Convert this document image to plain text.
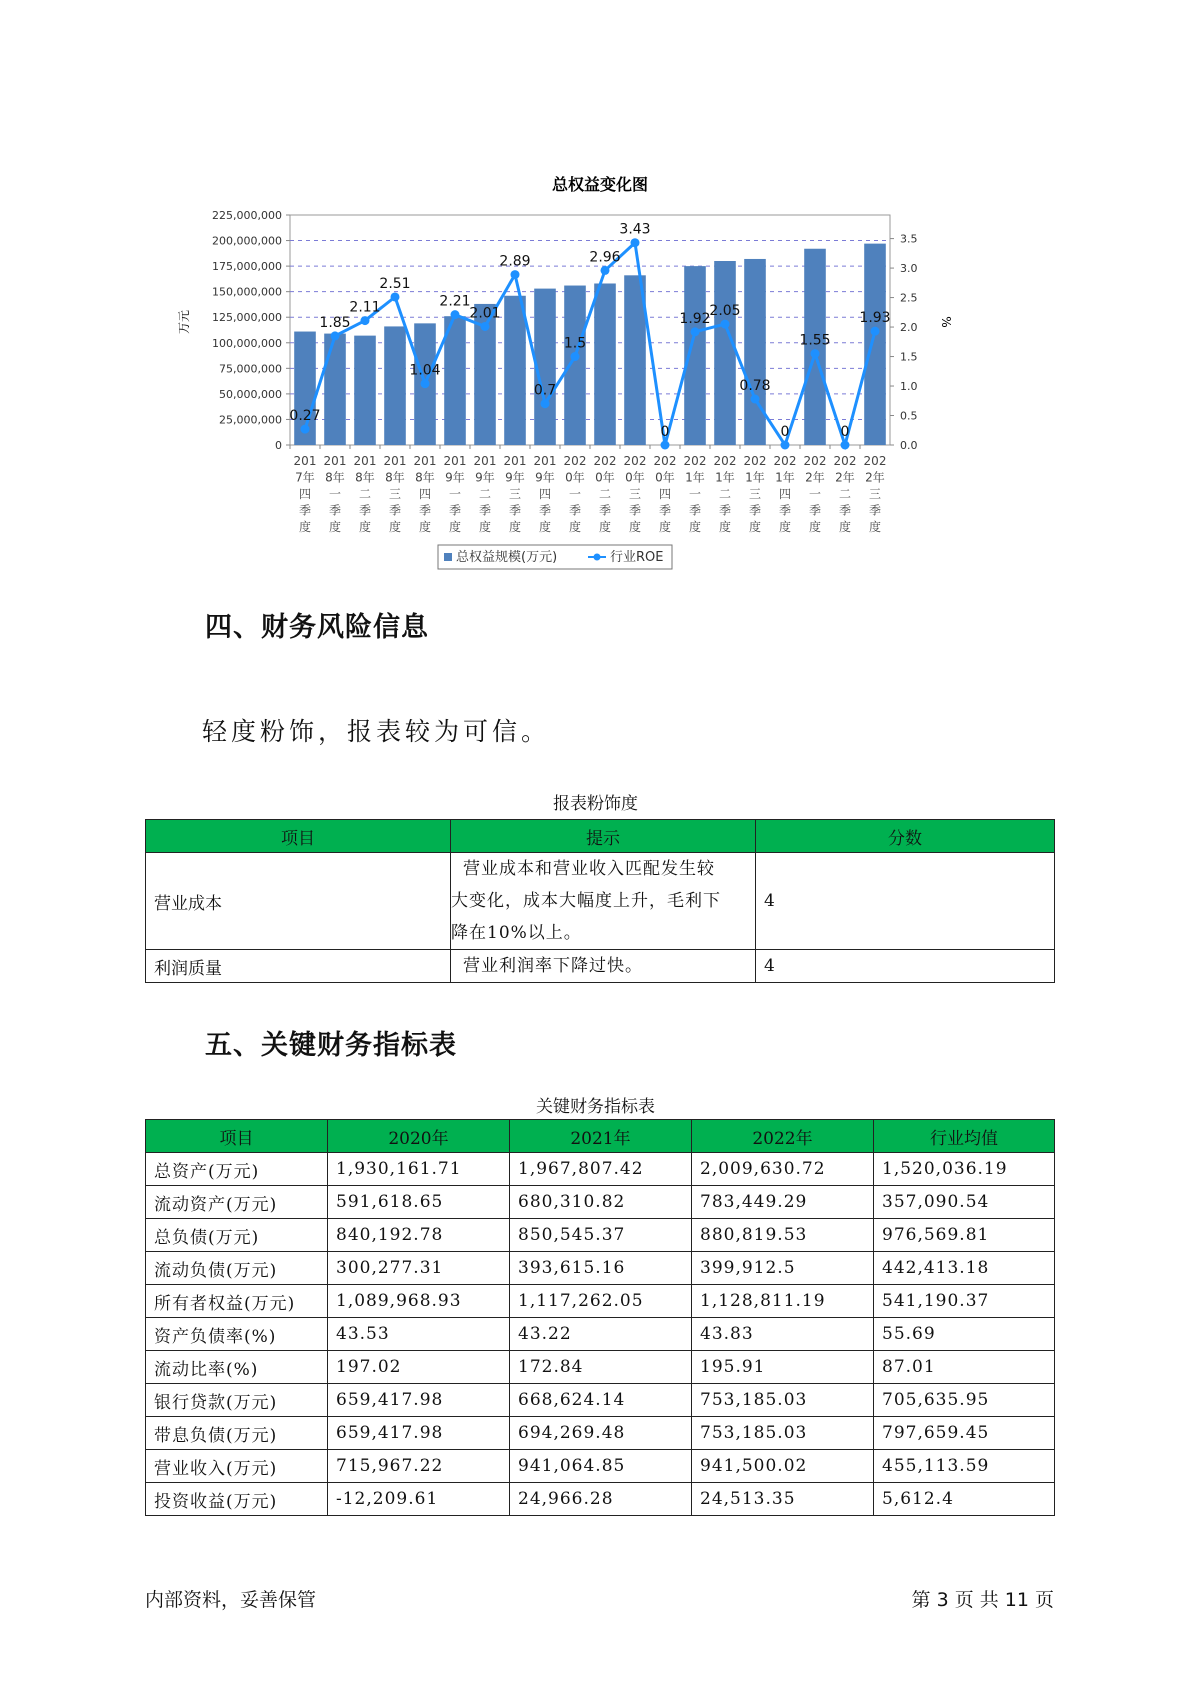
总权益变化图
0.27
1.85
2.11
2.51
1.04
2.21
2.01
2.89
0.7
1.5
2.96
3.43
0
1.92
2.05
0.78
0
1.55
0
1.93
0
25,000,000
50,000,000
75,000,000
100,000,000
125,000,000
150,000,000
175,000,000
200,000,000
225,000,000
0.0
0.5
1.0
1.5
2.0
2.5
3.0
3.5
201
7年
四
季
度
201
8年
一
季
度
201
8年
二
季
度
201
8年
三
季
度
201
8年
四
季
度
201
9年
一
季
度
201
9年
二
季
度
201
9年
三
季
度
201
9年
四
季
度
202
0年
一
季
度
202
0年
二
季
度
202
0年
三
季
度
202
0年
四
季
度
202
1年
一
季
度
202
1年
二
季
度
202
1年
三
季
度
202
1年
四
季
度
202
2年
一
季
度
202
2年
二
季
度
202
2年
三
季
度
万元	%
总权益规模(万元)	行业ROE
四、财务风险信息
轻度粉饰，报表较为可信。
报表粉饰度
项目	提示	分数
营业成本	营业成本和营业收入匹配发生较
大变化，成本大幅度上升，毛利下
降在10%以上。	4
利润质量	营业利润率下降过快。	4
五、关键财务指标表
关键财务指标表
项目	2020年	2021年	2022年	行业均值
总资产(万元)	1,930,161.71	1,967,807.42	2,009,630.72	1,520,036.19
流动资产(万元)	591,618.65	680,310.82	783,449.29	357,090.54
总负债(万元)	840,192.78	850,545.37	880,819.53	976,569.81
流动负债(万元)	300,277.31	393,615.16	399,912.5	442,413.18
所有者权益(万元)	1,089,968.93	1,117,262.05	1,128,811.19	541,190.37
资产负债率(%)	43.53	43.22	43.83	55.69
流动比率(%)	197.02	172.84	195.91	87.01
银行贷款(万元)	659,417.98	668,624.14	753,185.03	705,635.95
带息负债(万元)	659,417.98	694,269.48	753,185.03	797,659.45
营业收入(万元)	715,967.22	941,064.85	941,500.02	455,113.59
投资收益(万元)	-12,209.61	24,966.28	24,513.35	5,612.4
内部资料，妥善保管	第 3 页 共 11 页
